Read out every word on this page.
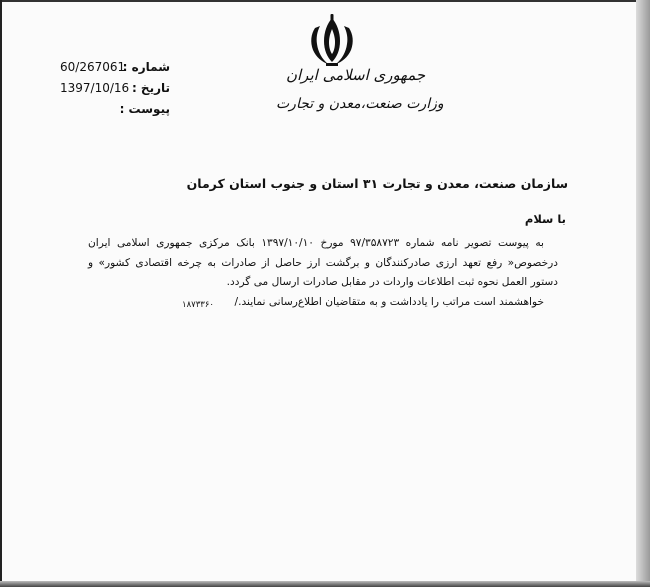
جمهوری اسلامی ایران
وزارت صنعت،معدن و تجارت
60/267061
شماره :
1397/10/16 تاریخ :
پیوست :
سازمان صنعت، معدن و تجارت ۳۱ استان و جنوب استان کرمان
با سلام

به پیوست تصویر نامه شماره ۹۷/۳۵۸۷۲۳ مورخ ۱۳۹۷/۱۰/۱۰ بانک مرکزی جمهوری اسلامی ایران درخصوص« رفع تعهد ارزی صادرکنندگان و برگشت ارز حاصل از صادرات به چرخه اقتصادی کشور» و دستور العمل نحوه ثبت اطلاعات واردات در مقابل صادرات ارسال می گردد.

خواهشمند است مراتب را یادداشت و به متقاضیان اطلاع‌رسانی نمایند./

۱۸۷۳۳۶۰
